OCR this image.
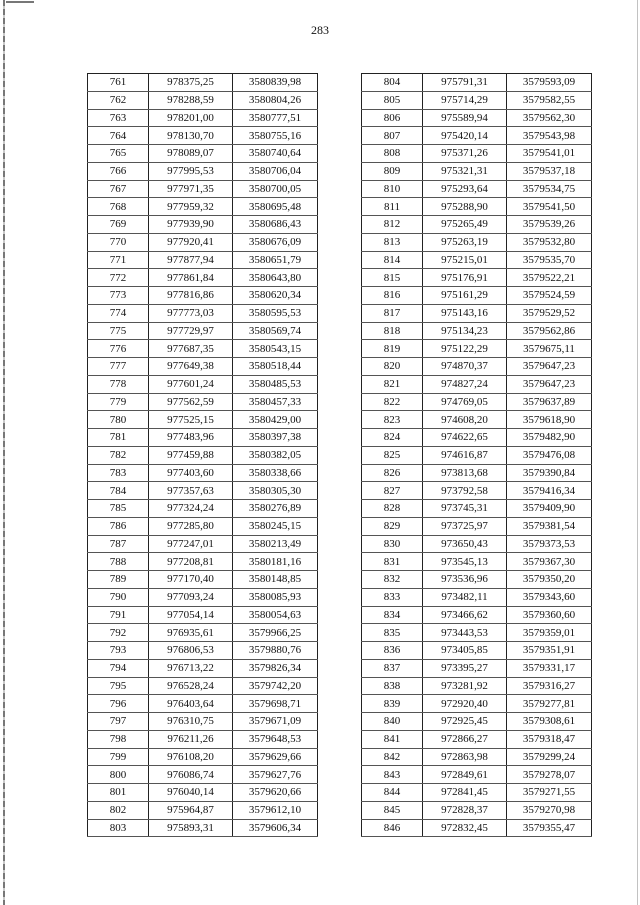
283
761	978375,25	3580839,98
762	978288,59	3580804,26
763	978201,00	3580777,51
764	978130,70	3580755,16
765	978089,07	3580740,64
766	977995,53	3580706,04
767	977971,35	3580700,05
768	977959,32	3580695,48
769	977939,90	3580686,43
770	977920,41	3580676,09
771	977877,94	3580651,79
772	977861,84	3580643,80
773	977816,86	3580620,34
774	977773,03	3580595,53
775	977729,97	3580569,74
776	977687,35	3580543,15
777	977649,38	3580518,44
778	977601,24	3580485,53
779	977562,59	3580457,33
780	977525,15	3580429,00
781	977483,96	3580397,38
782	977459,88	3580382,05
783	977403,60	3580338,66
784	977357,63	3580305,30
785	977324,24	3580276,89
786	977285,80	3580245,15
787	977247,01	3580213,49
788	977208,81	3580181,16
789	977170,40	3580148,85
790	977093,24	3580085,93
791	977054,14	3580054,63
792	976935,61	3579966,25
793	976806,53	3579880,76
794	976713,22	3579826,34
795	976528,24	3579742,20
796	976403,64	3579698,71
797	976310,75	3579671,09
798	976211,26	3579648,53
799	976108,20	3579629,66
800	976086,74	3579627,76
801	976040,14	3579620,66
802	975964,87	3579612,10
803	975893,31	3579606,34
804	975791,31	3579593,09
805	975714,29	3579582,55
806	975589,94	3579562,30
807	975420,14	3579543,98
808	975371,26	3579541,01
809	975321,31	3579537,18
810	975293,64	3579534,75
811	975288,90	3579541,50
812	975265,49	3579539,26
813	975263,19	3579532,80
814	975215,01	3579535,70
815	975176,91	3579522,21
816	975161,29	3579524,59
817	975143,16	3579529,52
818	975134,23	3579562,86
819	975122,29	3579675,11
820	974870,37	3579647,23
821	974827,24	3579647,23
822	974769,05	3579637,89
823	974608,20	3579618,90
824	974622,65	3579482,90
825	974616,87	3579476,08
826	973813,68	3579390,84
827	973792,58	3579416,34
828	973745,31	3579409,90
829	973725,97	3579381,54
830	973650,43	3579373,53
831	973545,13	3579367,30
832	973536,96	3579350,20
833	973482,11	3579343,60
834	973466,62	3579360,60
835	973443,53	3579359,01
836	973405,85	3579351,91
837	973395,27	3579331,17
838	973281,92	3579316,27
839	972920,40	3579277,81
840	972925,45	3579308,61
841	972866,27	3579318,47
842	972863,98	3579299,24
843	972849,61	3579278,07
844	972841,45	3579271,55
845	972828,37	3579270,98
846	972832,45	3579355,47
